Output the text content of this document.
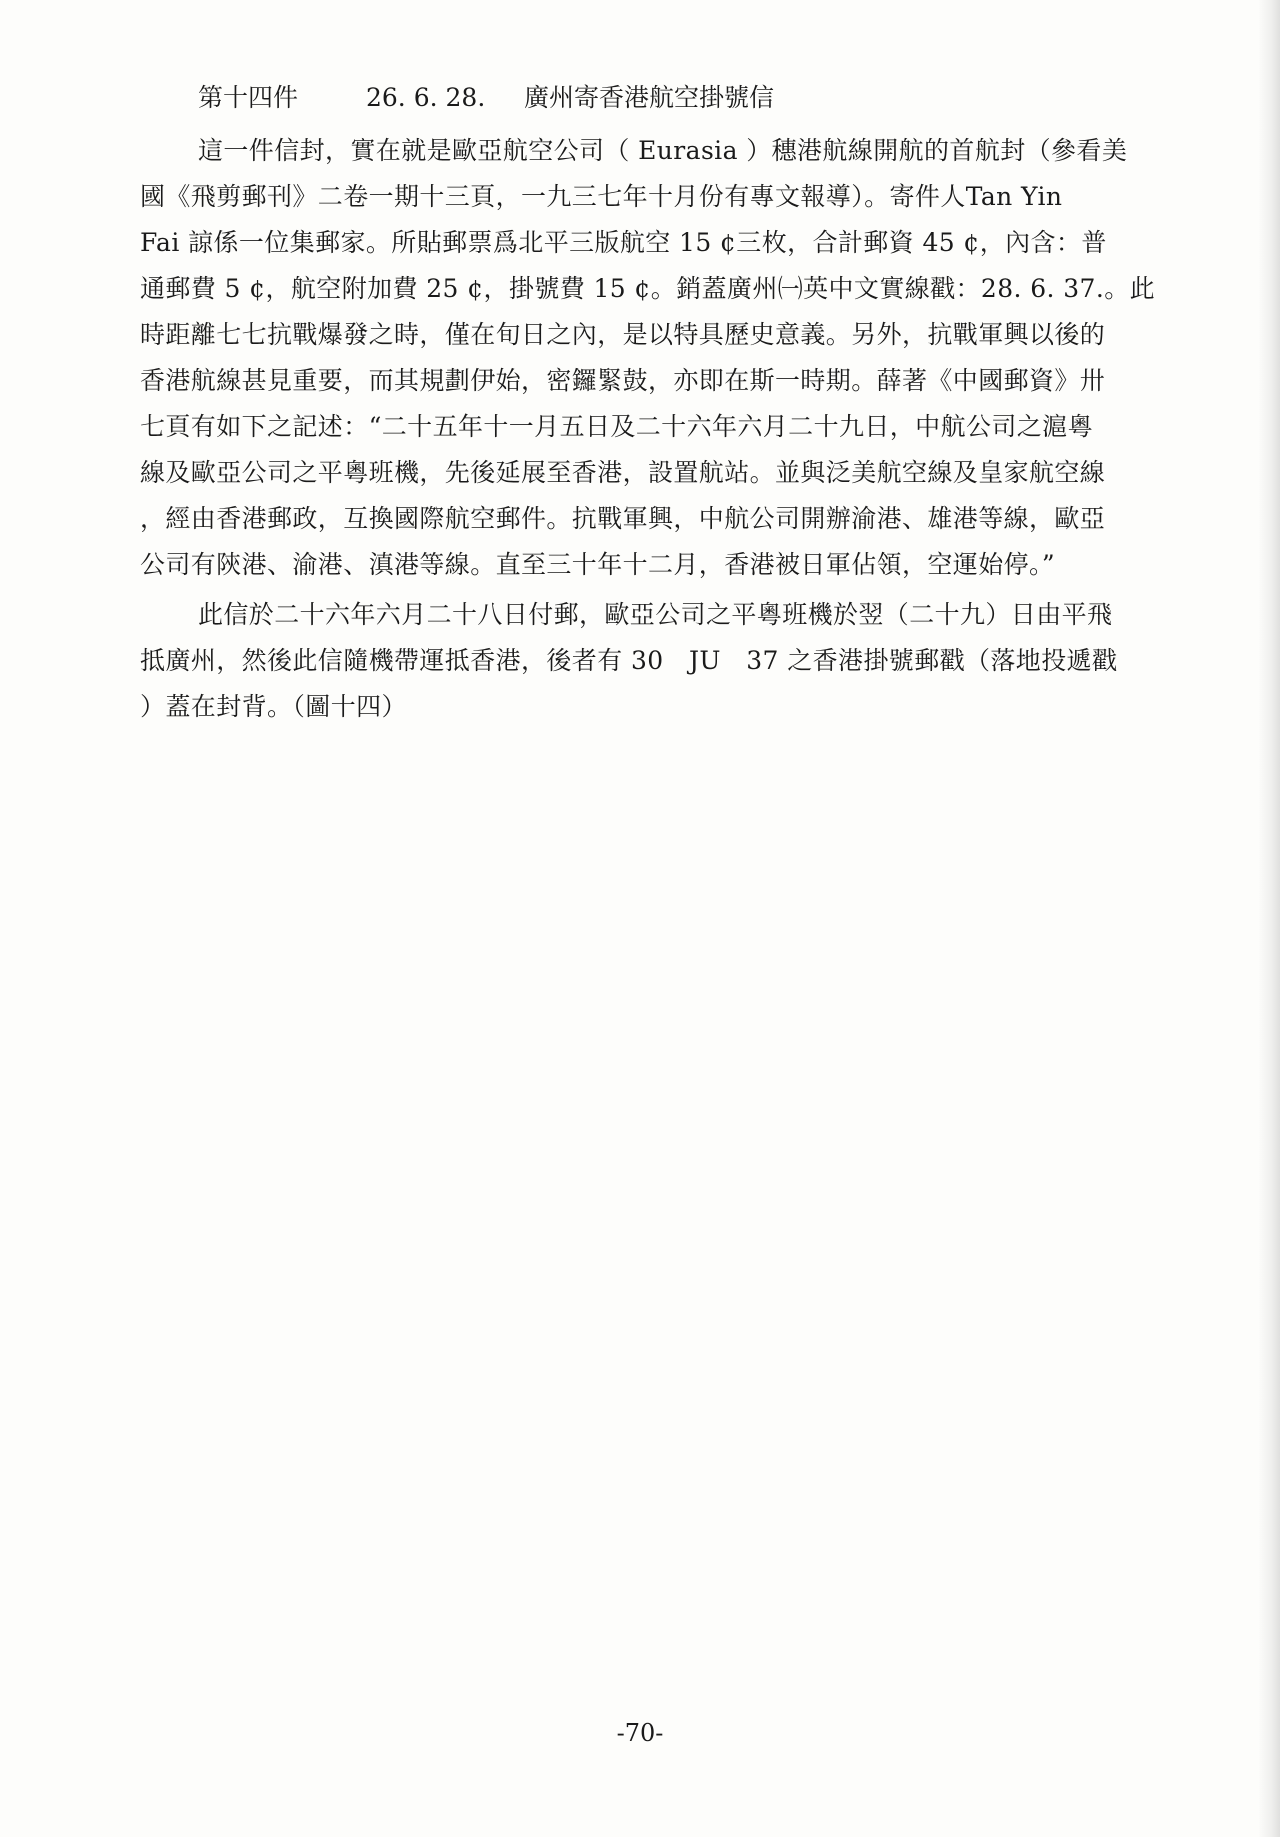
第十四件	26. 6. 28.	廣州寄香港航空掛號信
這一件信封，實在就是歐亞航空公司（ Eurasia ）穗港航線開航的首航封（參看美
國《飛剪郵刊》二卷一期十三頁，一九三七年十月份有專文報導）。寄件人Tan Yin
Fai 諒係一位集郵家。所貼郵票爲北平三版航空 15 ¢三枚，合計郵資 45 ¢，內含：普
通郵費 5 ¢，航空附加費 25 ¢，掛號費 15 ¢。銷蓋廣州㈠英中文實線戳：28. 6. 37.。此
時距離七七抗戰爆發之時，僅在旬日之內，是以特具歷史意義。另外，抗戰軍興以後的
香港航線甚見重要，而其規劃伊始，密鑼緊鼓，亦即在斯一時期。薛著《中國郵資》卅
七頁有如下之記述：“二十五年十一月五日及二十六年六月二十九日，中航公司之滬粵
線及歐亞公司之平粵班機，先後延展至香港，設置航站。並與泛美航空線及皇家航空線
，經由香港郵政，互換國際航空郵件。抗戰軍興，中航公司開辦渝港、雄港等線，歐亞
公司有陝港、渝港、滇港等線。直至三十年十二月，香港被日軍佔領，空運始停。”
此信於二十六年六月二十八日付郵，歐亞公司之平粵班機於翌（二十九）日由平飛
抵廣州，然後此信隨機帶運抵香港，後者有 30　JU　37 之香港掛號郵戳（落地投遞戳
）蓋在封背。（圖十四）
-70-
